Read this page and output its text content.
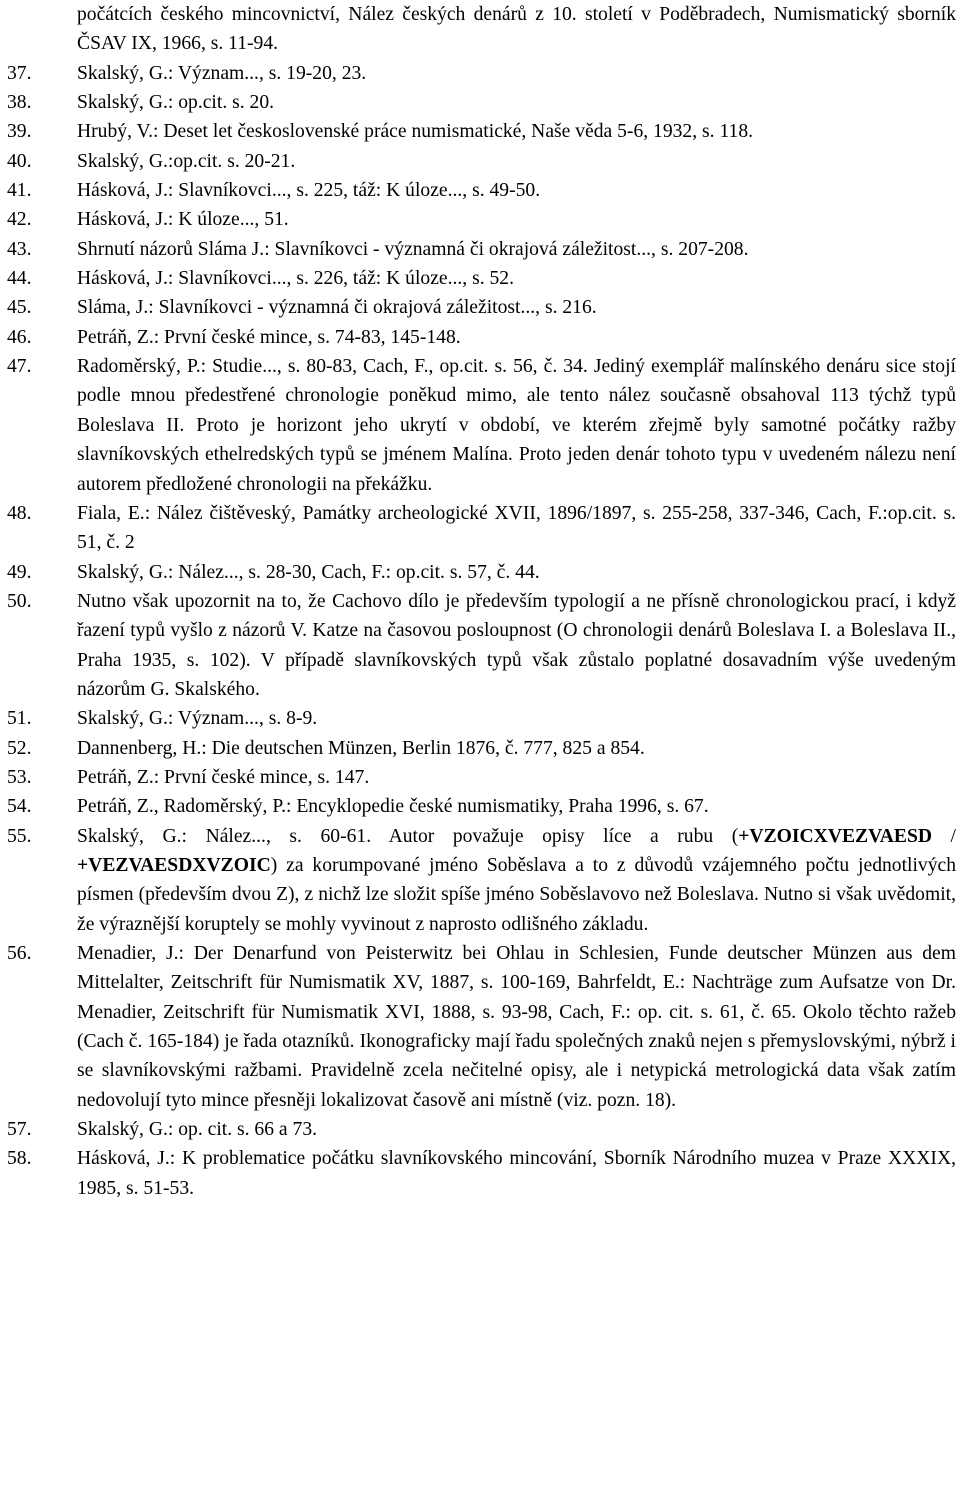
počátcích českého mincovnictví, Nález českých denárů z 10. století v Poděbradech, Numismatický sborník ČSAV IX, 1966, s. 11-94.
37.	Skalský, G.: Význam..., s. 19-20, 23.
38.	Skalský, G.: op.cit. s. 20.
39.	Hrubý, V.: Deset let československé práce numismatické, Naše věda 5-6, 1932, s. 118.
40.	Skalský, G.:op.cit. s. 20-21.
41.	Hásková, J.: Slavníkovci..., s. 225, táž: K úloze..., s. 49-50.
42.	Hásková, J.: K úloze..., 51.
43.	Shrnutí názorů Sláma J.: Slavníkovci - významná či okrajová záležitost..., s. 207-208.
44.	Hásková, J.: Slavníkovci..., s. 226, táž: K úloze..., s. 52.
45.	Sláma, J.: Slavníkovci - významná či okrajová záležitost..., s. 216.
46.	Petráň, Z.: První české mince, s. 74-83, 145-148.
47.	Radoměrský, P.: Studie..., s. 80-83, Cach, F., op.cit. s. 56, č. 34. Jediný exemplář malínského denáru sice stojí podle mnou předestřené chronologie poněkud mimo, ale tento nález současně obsahoval 113 týchž typů Boleslava II. Proto je horizont jeho ukrytí v období, ve kterém zřejmě byly samotné počátky ražby slavníkovských ethelredských typů se jménem Malína. Proto jeden denár tohoto typu v uvedeném nálezu není autorem předložené chronologii na překážku.
48.	Fiala, E.: Nález čištěveský, Památky archeologické XVII, 1896/1897, s. 255-258, 337-346, Cach, F.:op.cit. s. 51, č. 2
49.	Skalský, G.: Nález..., s. 28-30, Cach, F.: op.cit. s. 57, č. 44.
50.	Nutno však upozornit na to, že Cachovo dílo je především typologií a ne přísně chronologickou prací, i když řazení typů vyšlo z názorů V. Katze na časovou posloupnost (O chronologii denárů Boleslava I. a Boleslava II., Praha 1935, s. 102). V případě slavníkovských typů však zůstalo poplatné dosavadním výše uvedeným názorům G. Skalského.
51.	Skalský, G.: Význam..., s. 8-9.
52.	Dannenberg, H.: Die deutschen Münzen, Berlin 1876, č. 777, 825 a 854.
53.	Petráň, Z.: První české mince, s. 147.
54.	Petráň, Z., Radoměrský, P.: Encyklopedie české numismatiky, Praha 1996, s. 67.
55.	Skalský, G.: Nález..., s. 60-61. Autor považuje opisy líce a rubu (+VZOICXVEZVAESD / +VEZVAESDXVZOIC) za korumpované jméno Soběslava a to z důvodů vzájemného počtu jednotlivých písmen (především dvou Z), z nichž lze složit spíše jméno Soběslavovo než Boleslava. Nutno si však uvědomit, že výraznější koruptely se mohly vyvinout z naprosto odlišného základu.
56.	Menadier, J.: Der Denarfund von Peisterwitz bei Ohlau in Schlesien, Funde deutscher Münzen aus dem Mittelalter, Zeitschrift für Numismatik XV, 1887, s. 100-169, Bahrfeldt, E.: Nachträge zum Aufsatze von Dr. Menadier, Zeitschrift für Numismatik XVI, 1888, s. 93-98, Cach, F.: op. cit. s. 61, č. 65. Okolo těchto ražeb (Cach č. 165-184) je řada otazníků. Ikonograficky mají řadu společných znaků nejen s přemyslovskými, nýbrž i se slavníkovskými ražbami. Pravidelně zcela nečitelné opisy, ale i netypická metrologická data však zatím nedovolují tyto mince přesněji lokalizovat časově ani místně (viz. pozn. 18).
57.	Skalský, G.: op. cit. s. 66 a 73.
58.	Hásková, J.: K problematice počátku slavníkovského mincování, Sborník Národního muzea v Praze XXXIX, 1985, s. 51-53.
